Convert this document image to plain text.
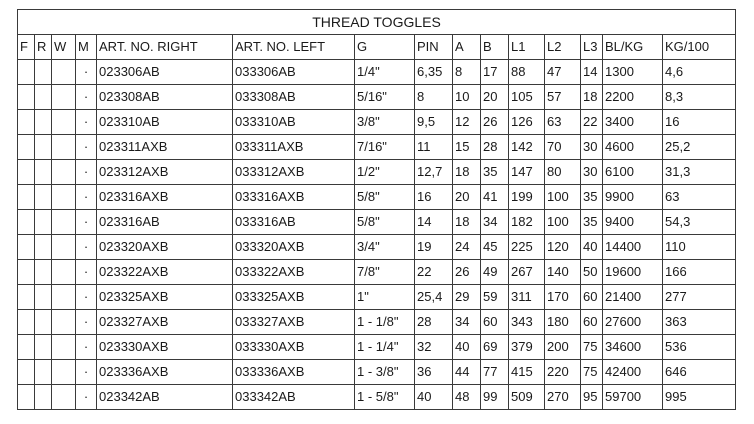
THREAD TOGGLES														
F	R	W	M	ART. NO. RIGHT	ART. NO. LEFT	G	PIN	A	B	L1	L2	L3	BL/KG	KG/100
			·	023306AB	033306AB	1/4"	6,35	8	17	88	47	14	1300	4,6
			·	023308AB	033308AB	5/16"	8	10	20	105	57	18	2200	8,3
			·	023310AB	033310AB	3/8"	9,5	12	26	126	63	22	3400	16
			·	023311AXB	033311AXB	7/16"	11	15	28	142	70	30	4600	25,2
			·	023312AXB	033312AXB	1/2"	12,7	18	35	147	80	30	6100	31,3
			·	023316AXB	033316AXB	5/8"	16	20	41	199	100	35	9900	63
			·	023316AB	033316AB	5/8"	14	18	34	182	100	35	9400	54,3
			·	023320AXB	033320AXB	3/4"	19	24	45	225	120	40	14400	110
			·	023322AXB	033322AXB	7/8"	22	26	49	267	140	50	19600	166
			·	023325AXB	033325AXB	1"	25,4	29	59	311	170	60	21400	277
			·	023327AXB	033327AXB	1 - 1/8"	28	34	60	343	180	60	27600	363
			·	023330AXB	033330AXB	1 - 1/4"	32	40	69	379	200	75	34600	536
			·	023336AXB	033336AXB	1 - 3/8"	36	44	77	415	220	75	42400	646
			·	023342AB	033342AB	1 - 5/8"	40	48	99	509	270	95	59700	995
